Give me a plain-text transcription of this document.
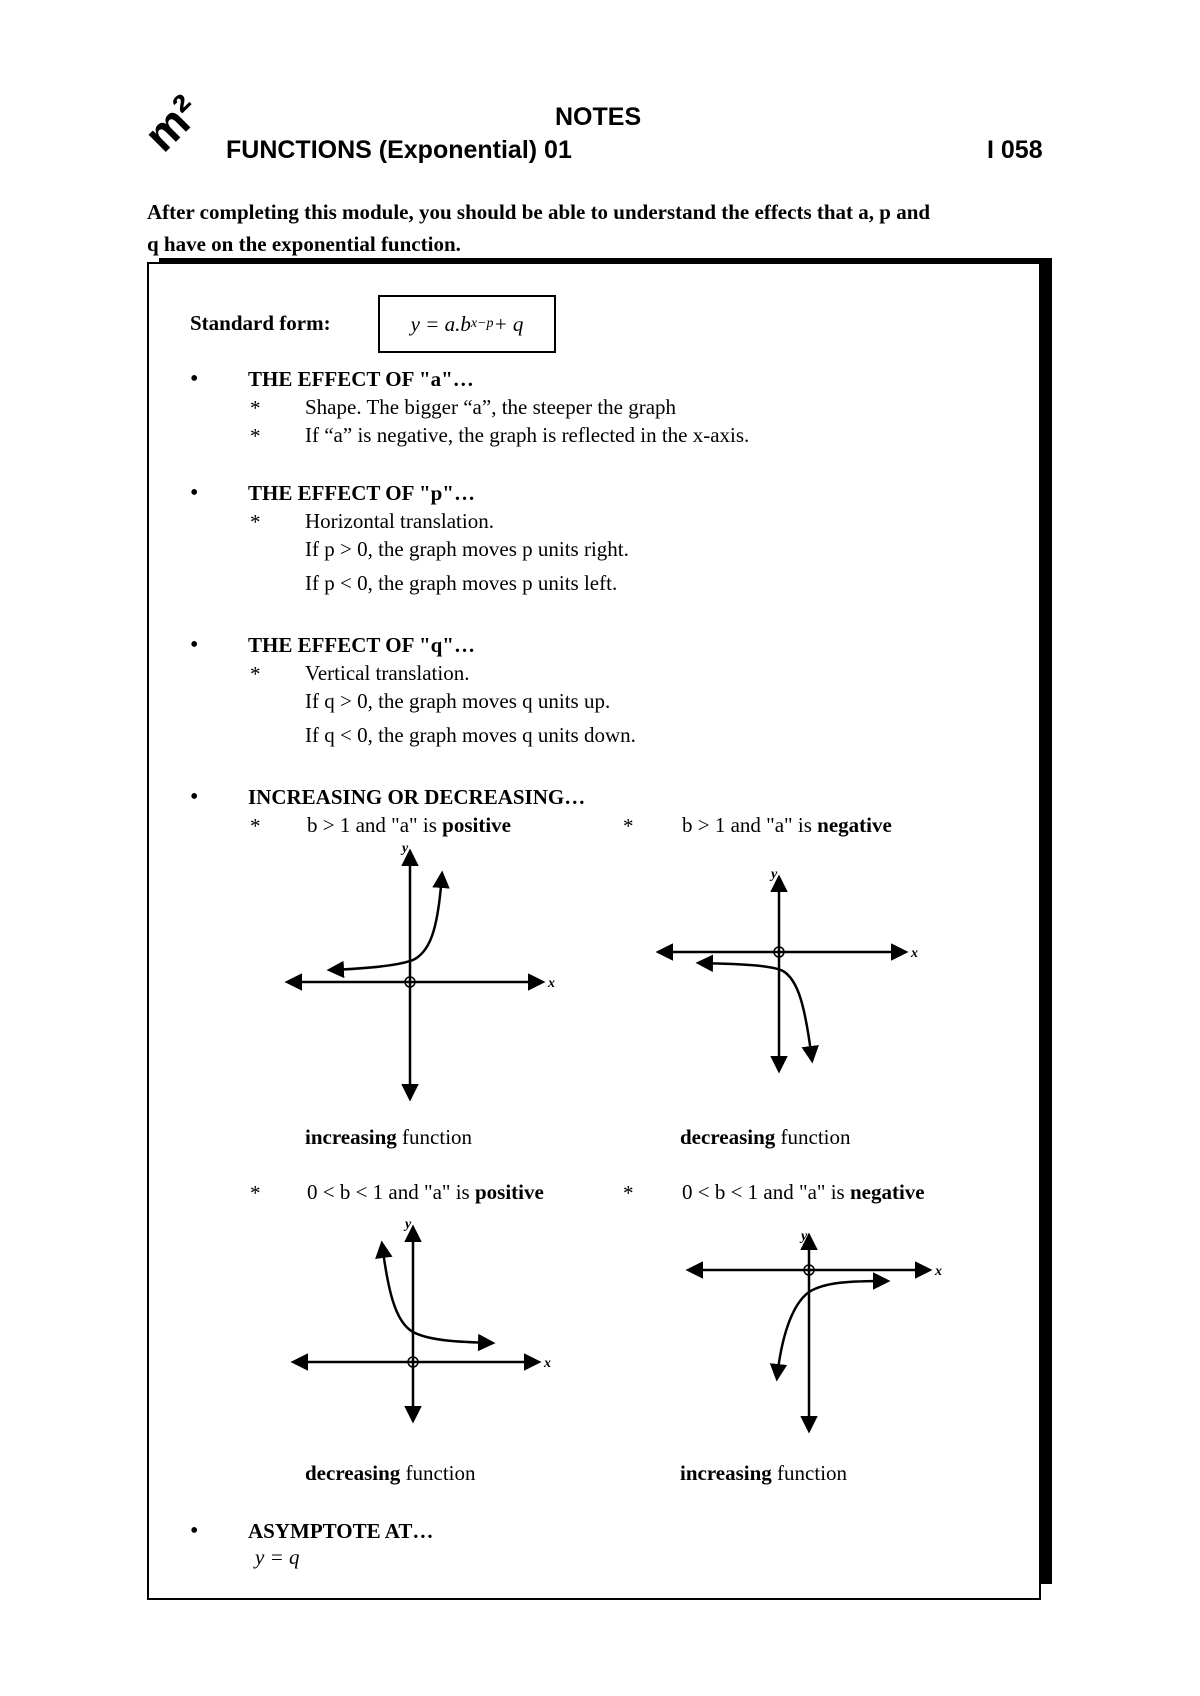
m²	NOTES
FUNCTIONS (Exponential) 01	I 058
After completing this module, you should be able to understand the effects that a, p and
q have on the exponential function.
Standard form:	y = a.b x−p + q
• THE EFFECT OF "a"…
* Shape. The bigger “a”, the steeper the graph
* If “a” is negative, the graph is reflected in the x-axis.
• THE EFFECT OF "p"…
* Horizontal translation.
If p > 0, the graph moves p units right.
If p < 0, the graph moves p units left.
• THE EFFECT OF "q"…
* Vertical translation.
If q > 0, the graph moves q units up.
If q < 0, the graph moves q units down.
• INCREASING OR DECREASING…
* b > 1 and "a" is positive	* b > 1 and "a" is negative
x
y
x
y
increasing function	decreasing function
* 0 < b < 1 and "a" is positive	* 0 < b < 1 and "a" is negative
x
y
x
y
decreasing function	increasing function
• ASYMPTOTE AT…
y = q
